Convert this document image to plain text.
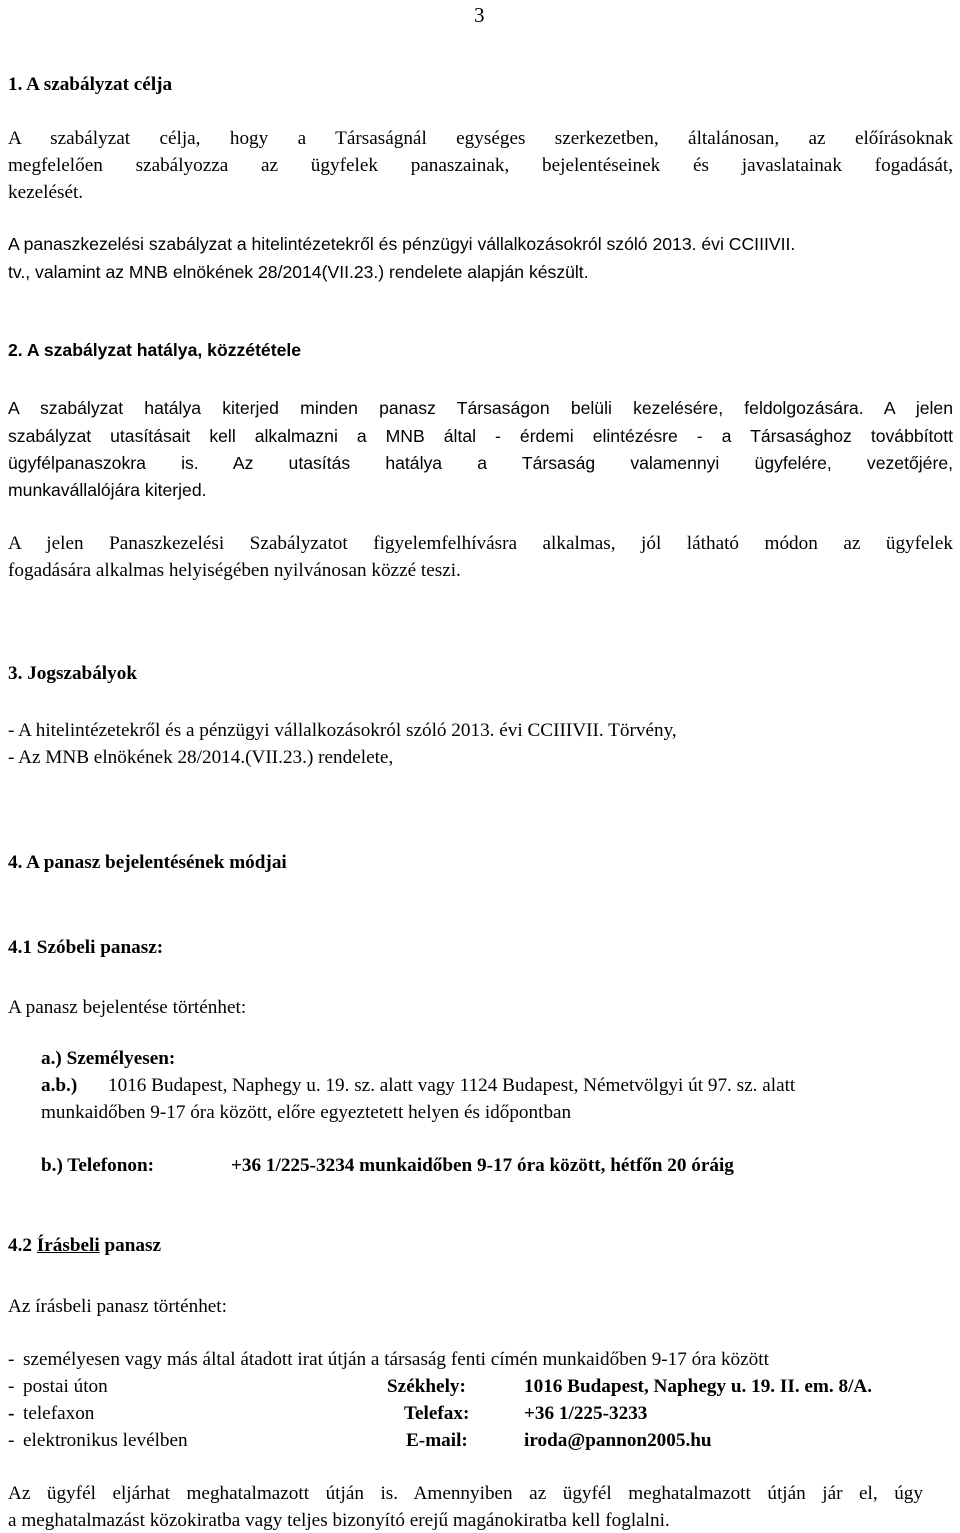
3
1. A szabályzat célja
A szabályzat célja, hogy a Társaságnál egységes szerkezetben, általánosan, az előírásoknak
megfelelően szabályozza az ügyfelek panaszainak, bejelentéseinek és javaslatainak fogadását,
kezelését.
A panaszkezelési szabályzat a hitelintézetekről és pénzügyi vállalkozásokról szóló 2013. évi CCIIIVII.
tv., valamint az MNB elnökének 28/2014(VII.23.) rendelete alapján készült.
2. A szabályzat hatálya, közzététele
A szabályzat hatálya kiterjed minden panasz Társaságon belüli kezelésére, feldolgozására. A jelen
szabályzat utasításait kell alkalmazni a MNB által - érdemi elintézésre - a Társasághoz továbbított
ügyfélpanaszokra is. Az utasítás hatálya a Társaság valamennyi ügyfelére, vezetőjére,
munkavállalójára kiterjed.
A jelen Panaszkezelési Szabályzatot figyelemfelhívásra alkalmas, jól látható módon az ügyfelek
fogadására alkalmas helyiségében nyilvánosan közzé teszi.
3. Jogszabályok
- A hitelintézetekről és a pénzügyi vállalkozásokról szóló 2013. évi CCIIIVII. Törvény,
- Az MNB elnökének 28/2014.(VII.23.) rendelete,
4. A panasz bejelentésének módjai
4.1 Szóbeli panasz:
A panasz bejelentése történhet:
a.) Személyesen:
a.b.) 1016 Budapest, Naphegy u. 19. sz. alatt vagy 1124 Budapest, Németvölgyi út 97. sz. alatt
munkaidőben 9-17 óra között, előre egyeztetett helyen és időpontban
b.) Telefonon:	+36 1/225-3234 munkaidőben 9-17 óra között, hétfőn 20 óráig
4.2 Írásbeli panasz
Az írásbeli panasz történhet:
- személyesen vagy más által átadott irat útján a társaság fenti címén munkaidőben 9-17 óra között
- postai úton	Székhely:	1016 Budapest, Naphegy u. 19. II. em. 8/A.
- telefaxon	Telefax:	+36 1/225-3233
- elektronikus levélben	E-mail:	iroda@pannon2005.hu
Az ügyfél eljárhat meghatalmazott útján is. Amennyiben az ügyfél meghatalmazott útján jár el, úgy
a meghatalmazást közokiratba vagy teljes bizonyító erejű magánokiratba kell foglalni.
